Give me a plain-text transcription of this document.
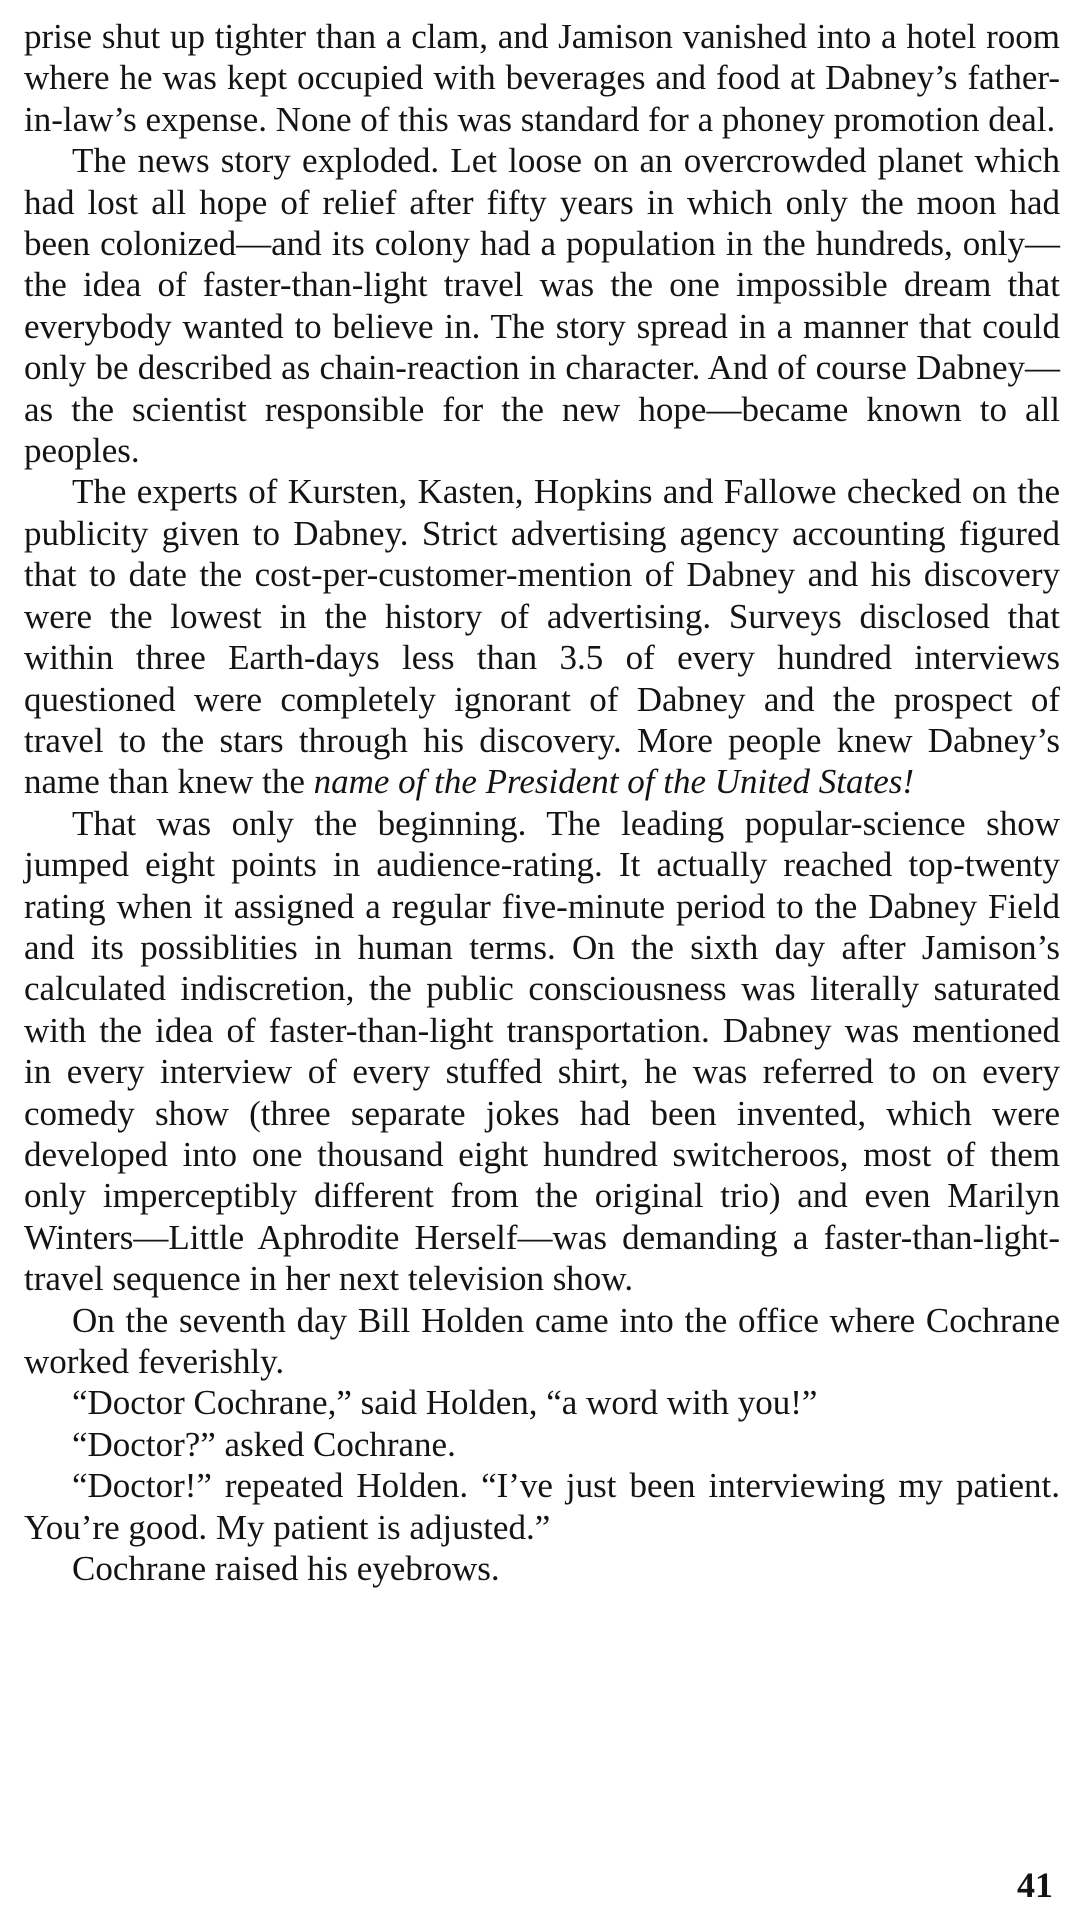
prise shut up tighter than a clam, and Jamison vanished into a hotel room where he was kept occupied with beverages and food at Dabney’s father-in-law’s expense. None of this was standard for a phoney promotion deal.

The news story exploded. Let loose on an overcrowded planet which had lost all hope of relief after fifty years in which only the moon had been colonized—and its colony had a population in the hundreds, only—the idea of faster-than-light travel was the one impossible dream that everybody wanted to believe in. The story spread in a manner that could only be described as chain-reaction in character. And of course Dabney—as the scientist responsible for the new hope—became known to all peoples.

The experts of Kursten, Kasten, Hopkins and Fallowe checked on the publicity given to Dabney. Strict advertising agency accounting figured that to date the cost-per-customer-mention of Dabney and his discovery were the lowest in the history of advertising. Surveys disclosed that within three Earth-days less than 3.5 of every hundred interviews questioned were completely ignorant of Dabney and the prospect of travel to the stars through his discovery. More people knew Dabney’s name than knew the name of the President of the United States!

That was only the beginning. The leading popular-science show jumped eight points in audience-rating. It actually reached top-twenty rating when it assigned a regular five-minute period to the Dabney Field and its possiblities in human terms. On the sixth day after Jamison’s calculated indiscretion, the public consciousness was literally saturated with the idea of faster-than-light transportation. Dabney was mentioned in every interview of every stuffed shirt, he was referred to on every comedy show (three separate jokes had been invented, which were developed into one thousand eight hundred switcheroos, most of them only imperceptibly different from the original trio) and even Marilyn Winters—Little Aphrodite Herself—was demanding a faster-than-light-travel sequence in her next television show.

On the seventh day Bill Holden came into the office where Cochrane worked feverishly.

“Doctor Cochrane,” said Holden, “a word with you!”

“Doctor?” asked Cochrane.

“Doctor!” repeated Holden. “I’ve just been interviewing my patient. You’re good. My patient is adjusted.”

Cochrane raised his eyebrows.

41
